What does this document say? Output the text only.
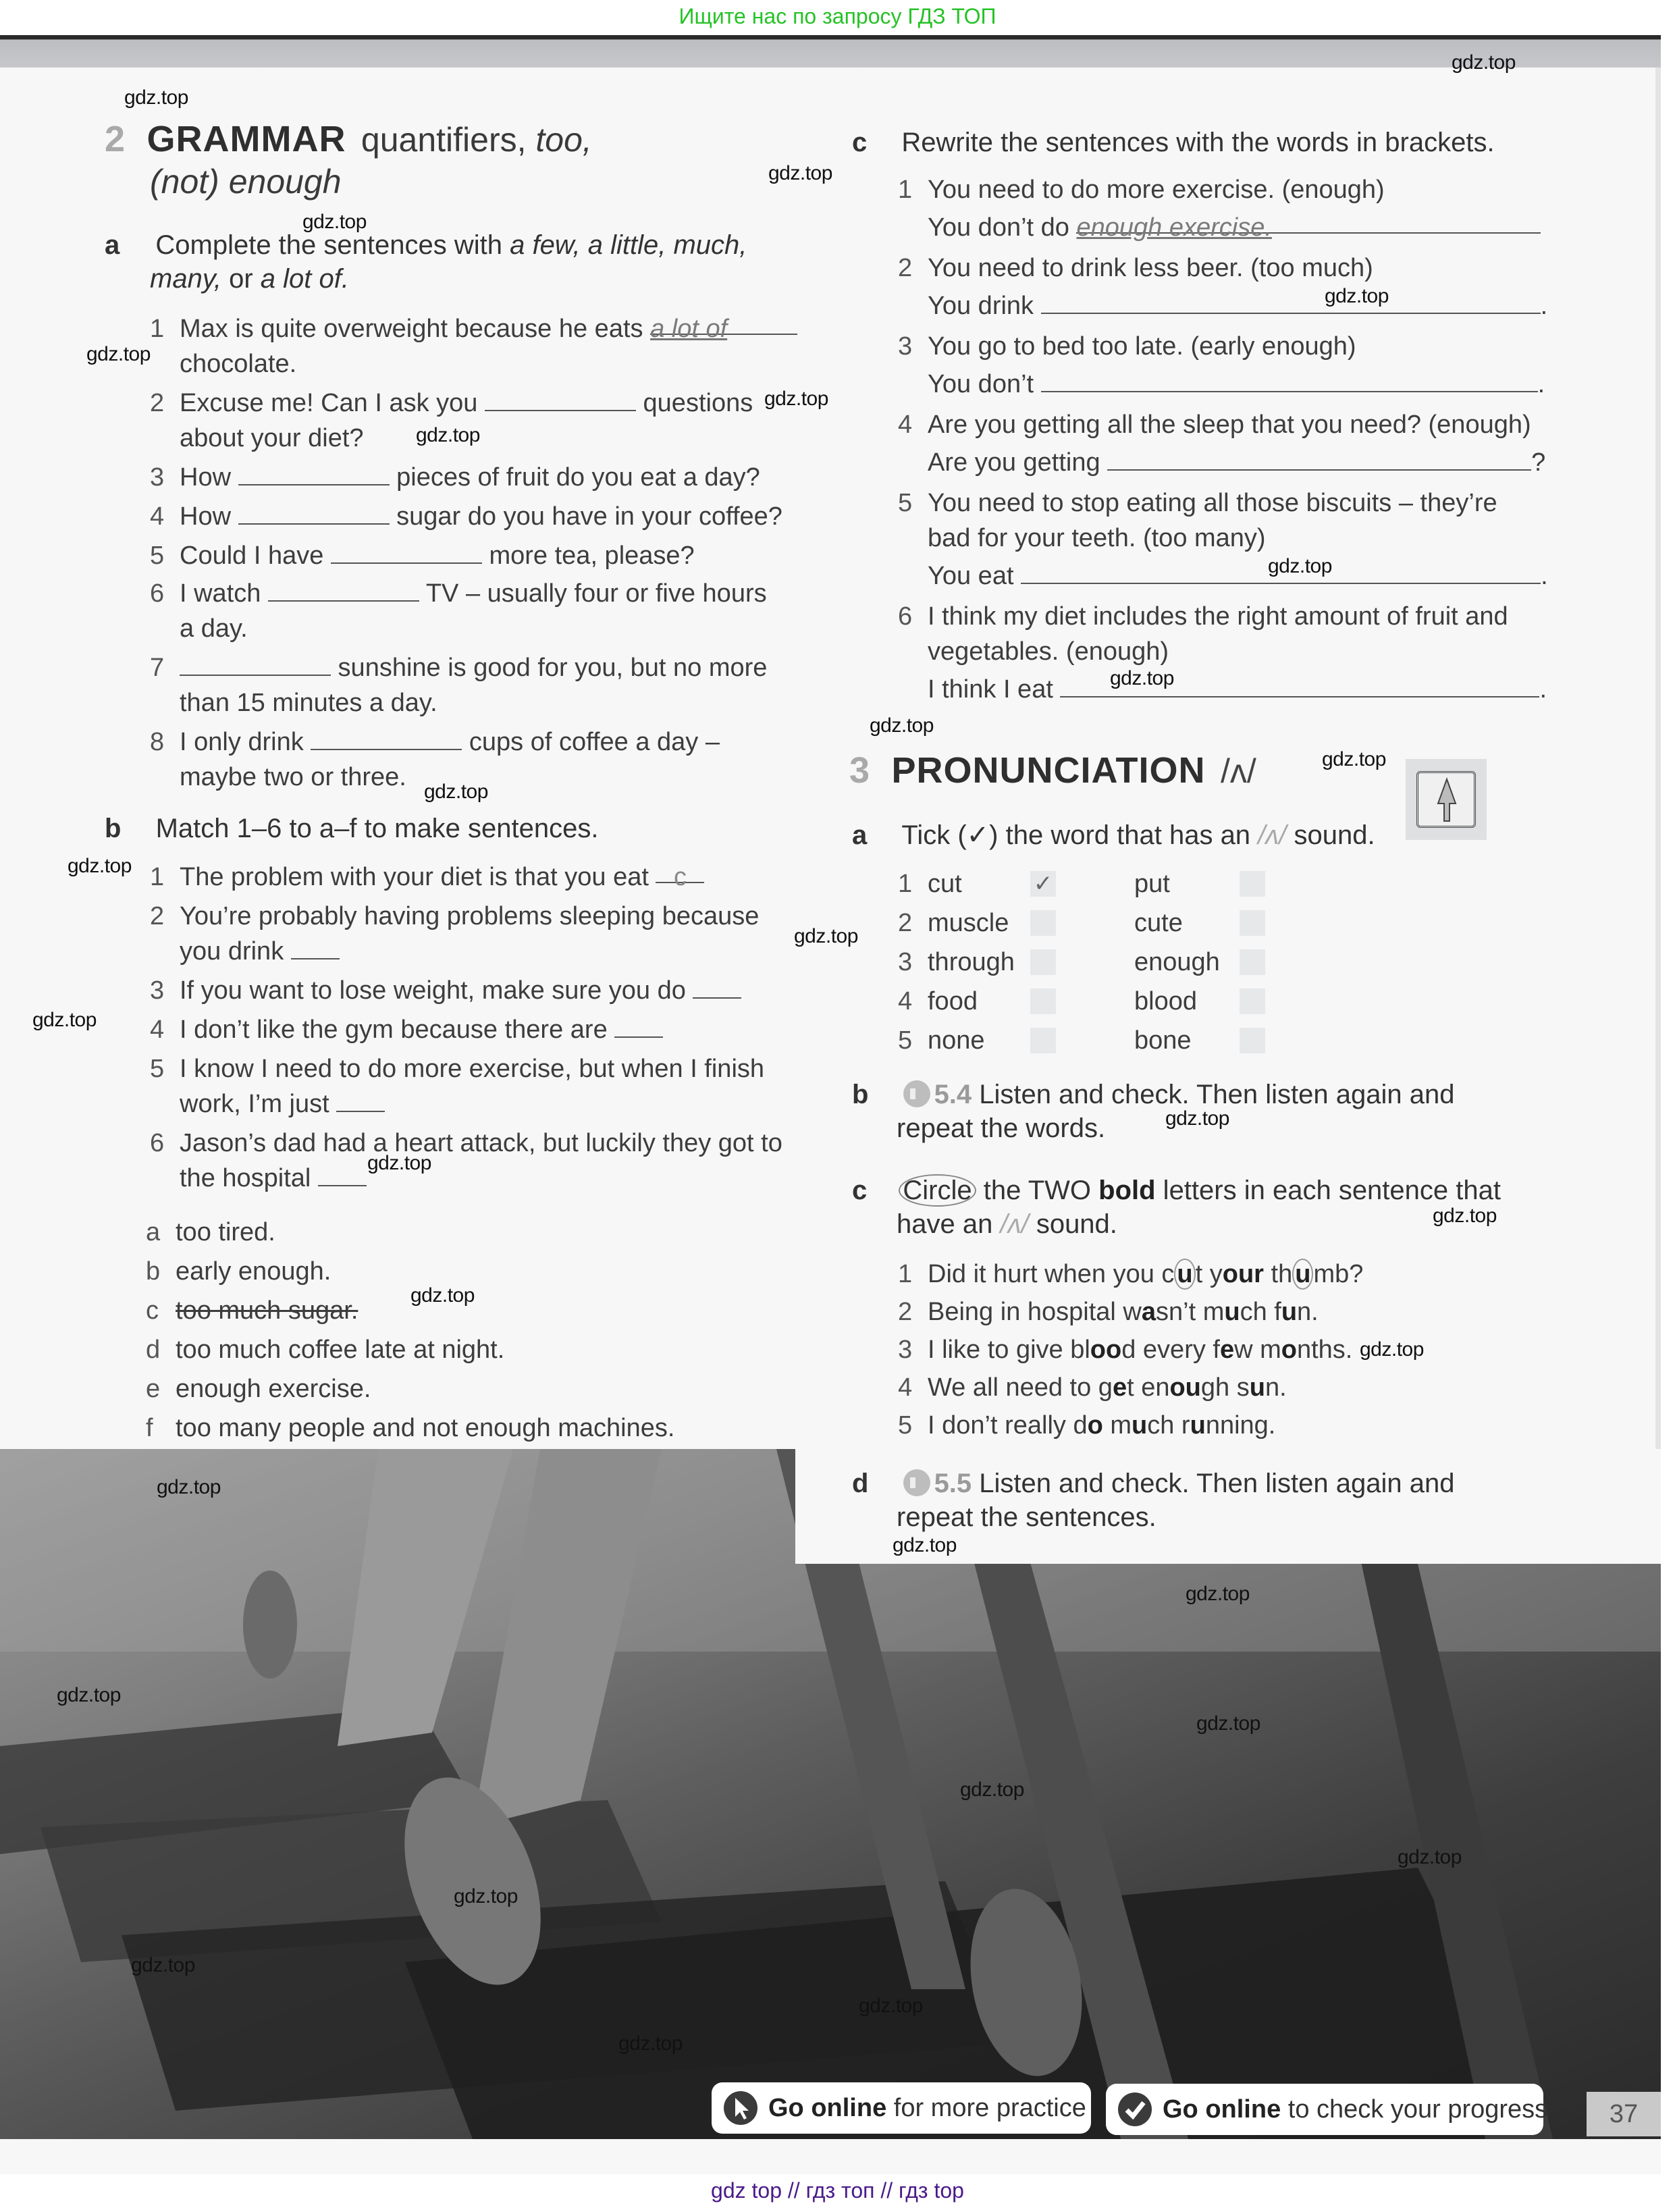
Ищите нас по запросу ГДЗ ТОП
2 GRAMMAR quantifiers, too,
(not) enough
a Complete the sentences with a few, a little, much,
many, or a lot of.
1 Max is quite overweight because he eats a lot of
chocolate.
2 Excuse me! Can I ask you	questions
about your diet?
3 How	pieces of fruit do you eat a day?
4 How	sugar do you have in your coffee?
5 Could I have	more tea, please?
6 I watch	TV – usually four or five hours
a day.
7	sunshine is good for you, but no more
than 15 minutes a day.
8 I only drink	cups of coffee a day –
maybe two or three.
b Match 1–6 to a–f to make sentences.
1 The problem with your diet is that you eat c
2 You’re probably having problems sleeping because
you drink
3 If you want to lose weight, make sure you do
4 I don’t like the gym because there are
5 I know I need to do more exercise, but when I finish
work, I’m just
6 Jason’s dad had a heart attack, but luckily they got to
the hospital
a too tired.
b early enough.
c too much sugar.
d too much coffee late at night.
e enough exercise.
f too many people and not enough machines.
c Rewrite the sentences with the words in brackets.
1 You need to do more exercise. (enough)
You don’t do enough exercise.
2 You need to drink less beer. (too much)
You drink	.
3 You go to bed too late. (early enough)
You don’t	.
4 Are you getting all the sleep that you need? (enough)
Are you getting	?
5 You need to stop eating all those biscuits – they’re
bad for your teeth. (too many)
You eat	.
6 I think my diet includes the right amount of fruit and
vegetables. (enough)
I think I eat	.
3 PRONUNCIATION /ʌ/
a Tick (✓) the word that has an /ʌ/ sound.
1 cut	✓	put
2 muscle	cute
3 through	enough
4 food	blood
5 none	bone
b 5.4 Listen and check. Then listen again and
repeat the words.
c Circle the TWO bold letters in each sentence that
have an /ʌ/ sound.
1 Did it hurt when you c u t your th u mb?
2 Being in hospital wasn’t much fun.
3 I like to give blood every few months.
4 We all need to get enough sun.
5 I don’t really do much running.
d 5.5 Listen and check. Then listen again and
repeat the sentences.
Go online for more practice	Go online to check your progress	37
gdz.top
gdz.top
gdz.top
gdz.top
gdz.top
gdz.top
gdz.top
gdz.top
gdz.top
gdz.top
gdz.top
gdz.top
gdz.top
gdz.top
gdz.top
gdz.top
gdz.top
gdz.top
gdz.top
gdz.top
gdz.top
gdz.top
gdz.top
gdz.top
gdz.top
gdz.top
gdz.top
gdz.top
gdz.top
gdz.top
gdz.top
gdz.top
gdz top // гдз топ // гдз top
